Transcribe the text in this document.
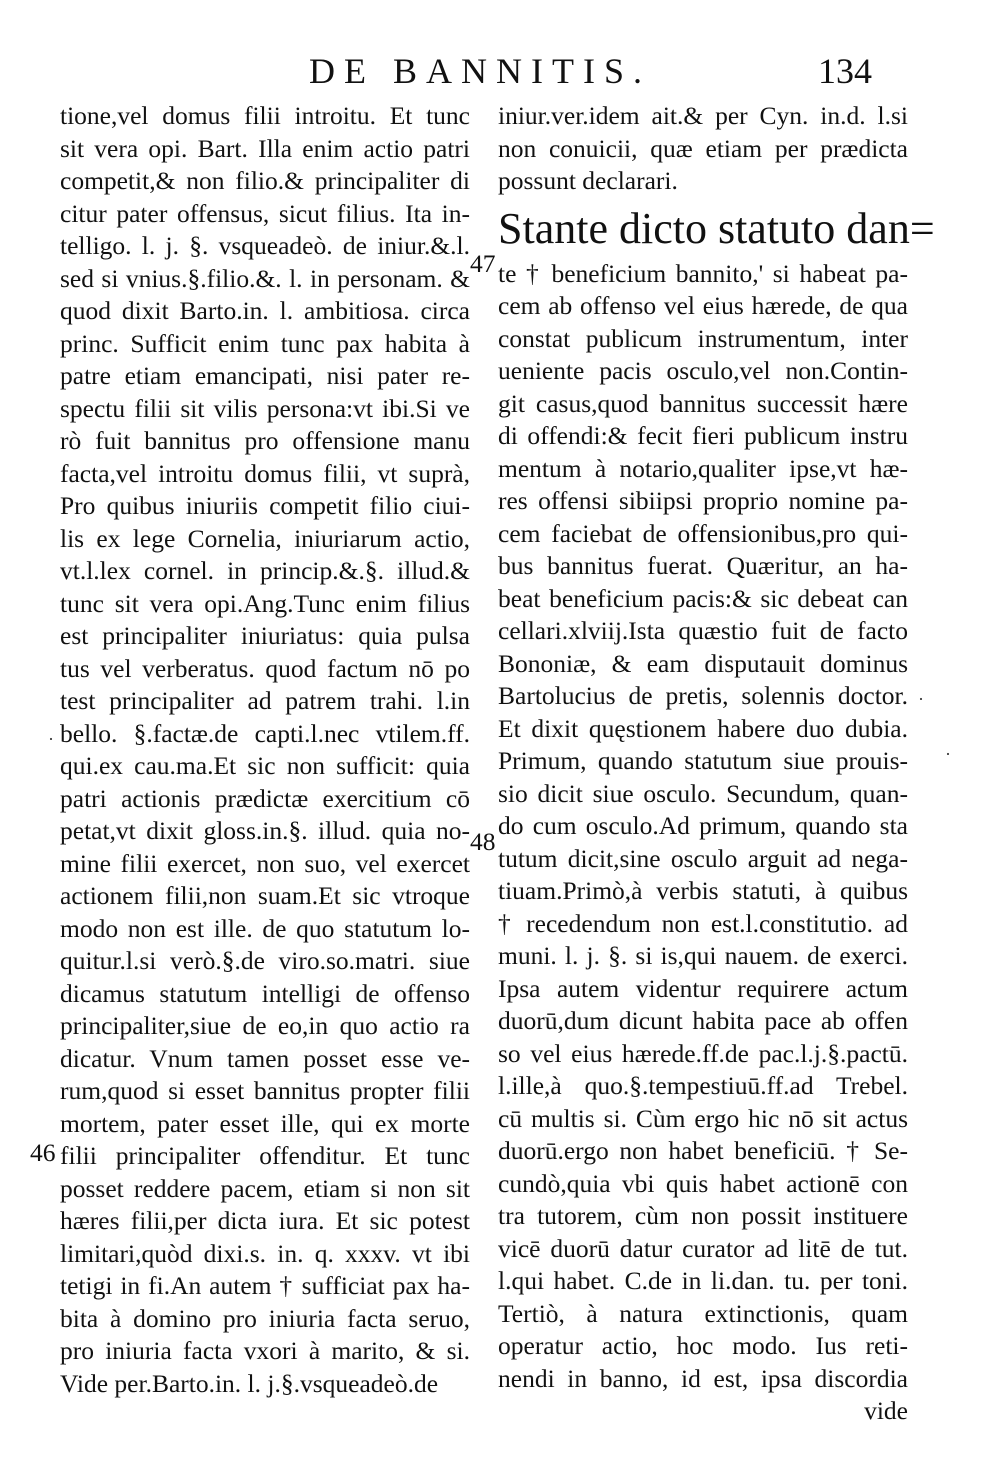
DE BANNITIS.	134
tione,vel domus filii introitu. Et tunc
sit vera opi. Bart. Illa enim actio patri
competit,& non filio.& principaliter di
citur pater offensus, sicut filius. Ita in-
telligo. l. j. §. vsqueadeò. de iniur.&.l.
sed si vnius.§.filio.&. l. in personam. &
quod dixit Barto.in. l. ambitiosa. circa
princ. Sufficit enim tunc pax habita à
patre etiam emancipati, nisi pater re-
spectu filii sit vilis persona:vt ibi.Si ve
rò fuit bannitus pro offensione manu
facta,vel introitu domus filii, vt suprà,
Pro quibus iniuriis competit filio ciui-
lis ex lege Cornelia, iniuriarum actio,
vt.l.lex cornel. in princip.&.§. illud.&
tunc sit vera opi.Ang.Tunc enim filius
est principaliter iniuriatus: quia pulsa
tus vel verberatus. quod factum nō po
test principaliter ad patrem trahi. l.in
bello. §.factæ.de capti.l.nec vtilem.ff.
qui.ex cau.ma.Et sic non sufficit: quia
patri actionis prædictæ exercitium cō
petat,vt dixit gloss.in.§. illud. quia no-
mine filii exercet, non suo, vel exercet
actionem filii,non suam.Et sic vtroque
modo non est ille. de quo statutum lo-
quitur.l.si verò.§.de viro.so.matri. siue
dicamus statutum intelligi de offenso
principaliter,siue de eo,in quo actio ra
dicatur. Vnum tamen posset esse ve-
rum,quod si esset bannitus propter filii
mortem, pater esset ille, qui ex morte
filii principaliter offenditur. Et tunc
posset reddere pacem, etiam si non sit
hæres filii,per dicta iura. Et sic potest
limitari,quòd dixi.s. in. q. xxxv. vt ibi
tetigi in fi.An autem † sufficiat pax ha-
bita à domino pro iniuria facta seruo,
pro iniuria facta vxori à marito, & si.
Vide per.Barto.in. l. j.§.vsqueadeò.de
iniur.ver.idem ait.& per Cyn. in.d. l.si
non conuicii, quæ etiam per prædicta
possunt declarari.
Stante dicto statuto dan=
te † beneficium bannito,' si habeat pa-
cem ab offenso vel eius hærede, de qua
constat publicum instrumentum, inter
ueniente pacis osculo,vel non.Contin-
git casus,quod bannitus successit hære
di offendi:& fecit fieri publicum instru
mentum à notario,qualiter ipse,vt hæ-
res offensi sibiipsi proprio nomine pa-
cem faciebat de offensionibus,pro qui-
bus bannitus fuerat. Quæritur, an ha-
beat beneficium pacis:& sic debeat can
cellari.xlviij.Ista quæstio fuit de facto
Bononiæ, & eam disputauit dominus
Bartolucius de pretis, solennis doctor.
Et dixit quęstionem habere duo dubia.
Primum, quando statutum siue prouis-
sio dicit siue osculo. Secundum, quan-
do cum osculo.Ad primum, quando sta
tutum dicit,sine osculo arguit ad nega-
tiuam.Primò,à verbis statuti, à quibus
† recedendum non est.l.constitutio. ad
muni. l. j. §. si is,qui nauem. de exerci.
Ipsa autem videntur requirere actum
duorū,dum dicunt habita pace ab offen
so vel eius hærede.ff.de pac.l.j.§.pactū.
l.ille,à quo.§.tempestiuū.ff.ad Trebel.
cū multis si. Cùm ergo hic nō sit actus
duorū.ergo non habet beneficiū. † Se-
cundò,quia vbi quis habet actionē con
tra tutorem, cùm non possit instituere
vicē duorū datur curator ad litē de tut.
l.qui habet. C.de in li.dan. tu. per toni.
Tertiò, à natura extinctionis, quam
operatur actio, hoc modo. Ius reti-
nendi in banno, id est, ipsa discordia
vide
46
47
48
·
·
·
